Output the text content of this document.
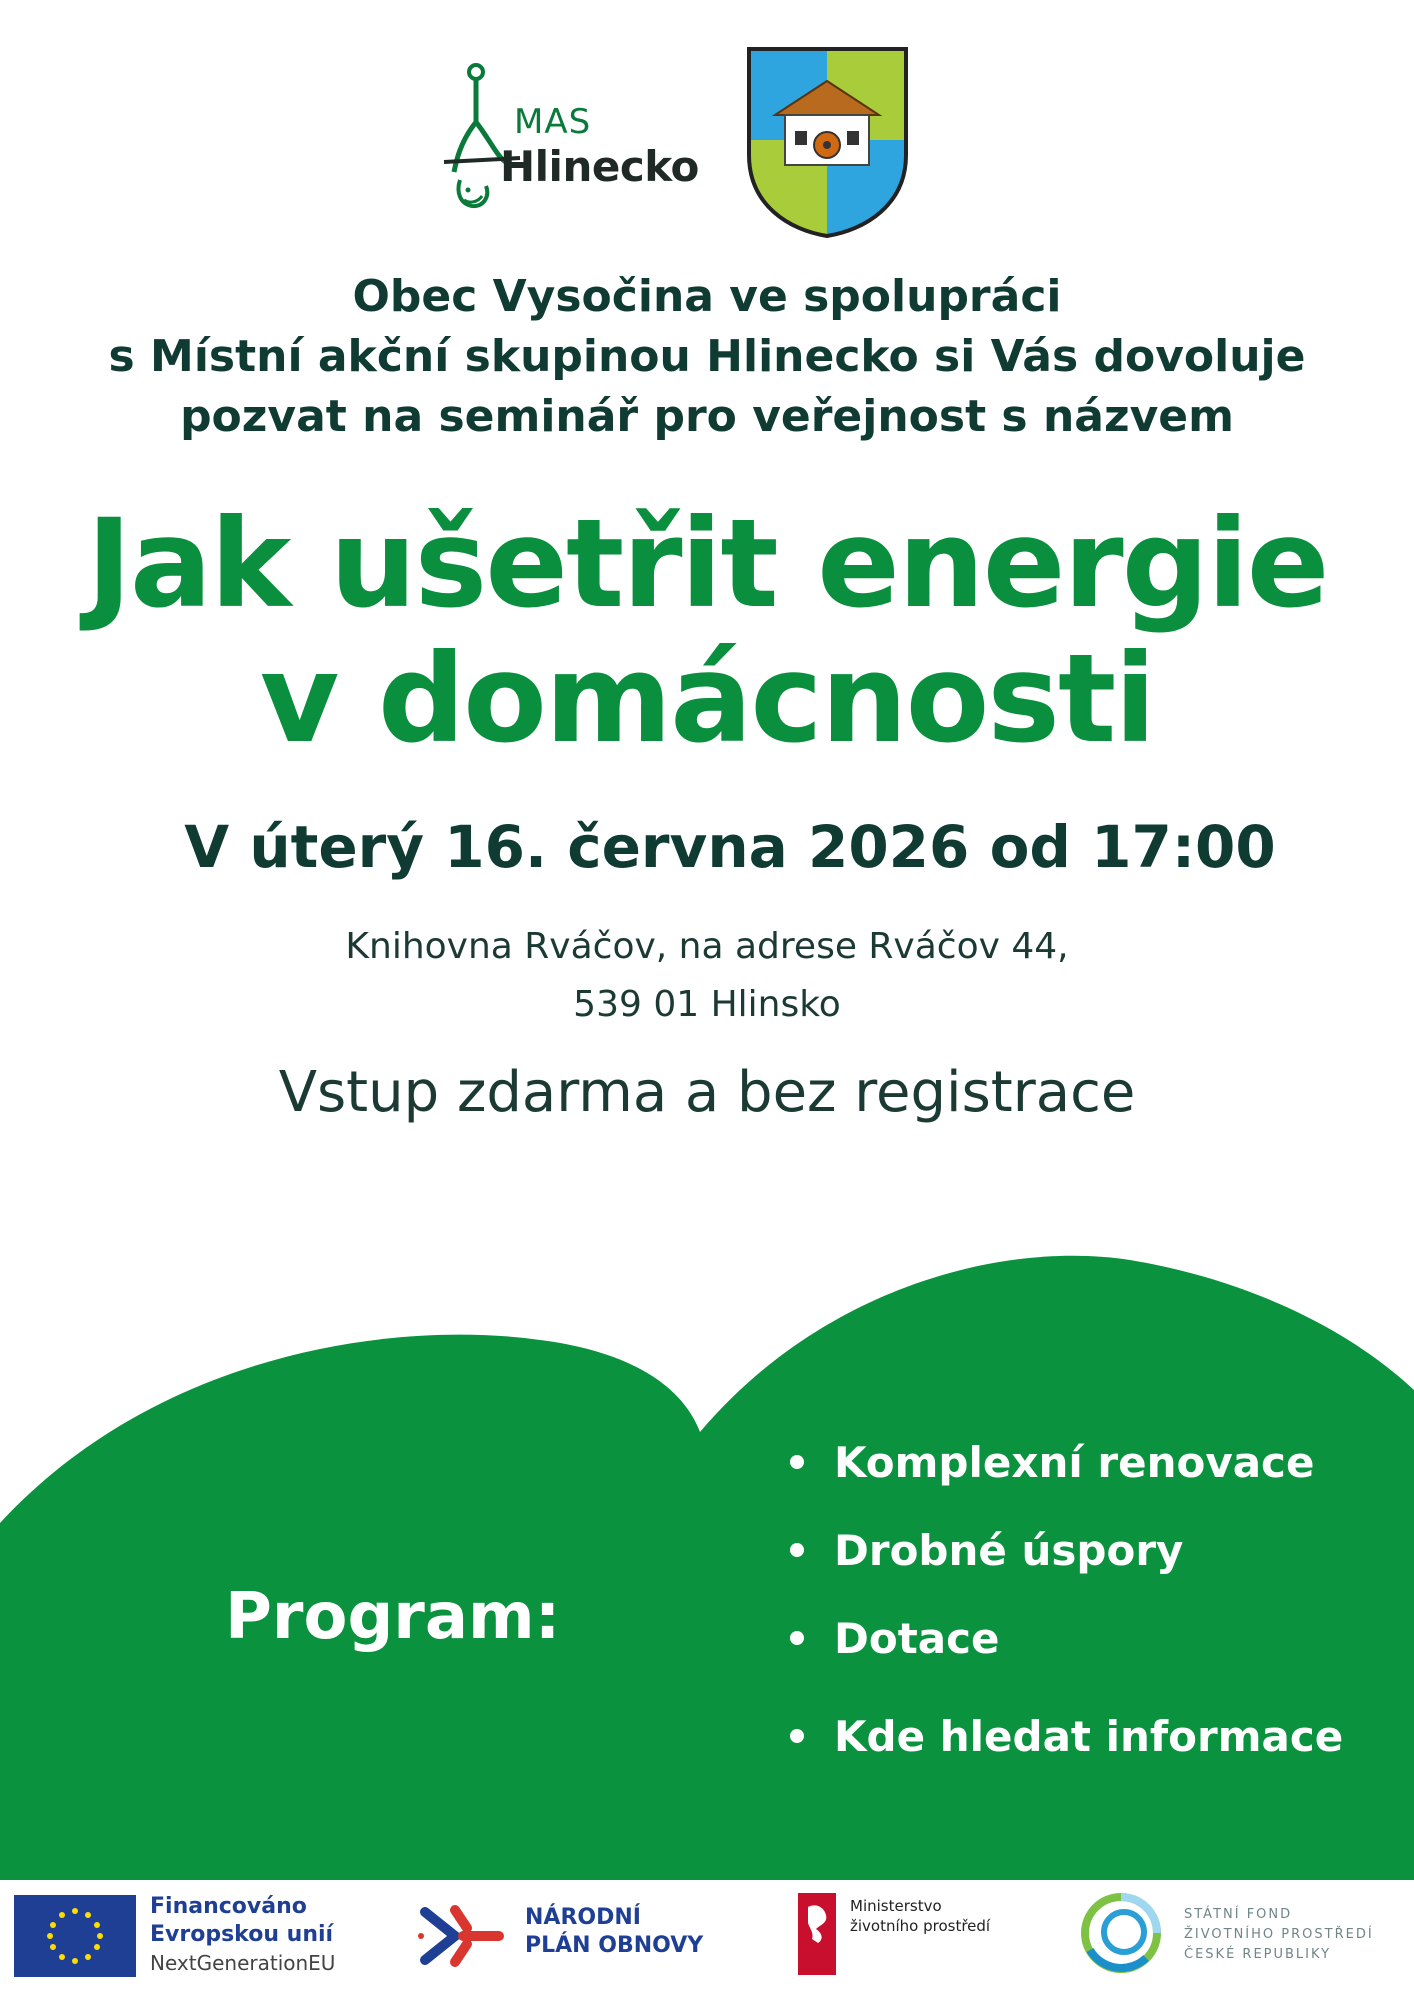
MAS
Hlinecko
Obec Vysočina ve spolupráci
s Místní akční skupinou Hlinecko si Vás dovoluje
pozvat na seminář pro veřejnost s názvem
Jak ušetřit energie
v domácnosti
V úterý 16. června 2026 od 17:00
Knihovna Rváčov, na adrese Rváčov 44,
539 01 Hlinsko
Vstup zdarma a bez registrace
Program:
Komplexní renovace
Drobné úspory
Dotace
Kde hledat informace
Financováno
Evropskou unií
NextGenerationEU
NÁRODNÍ
PLÁN OBNOVY
Ministerstvo
životního prostředí
STÁTNÍ FOND
ŽIVOTNÍHO PROSTŘEDÍ
ČESKÉ REPUBLIKY
